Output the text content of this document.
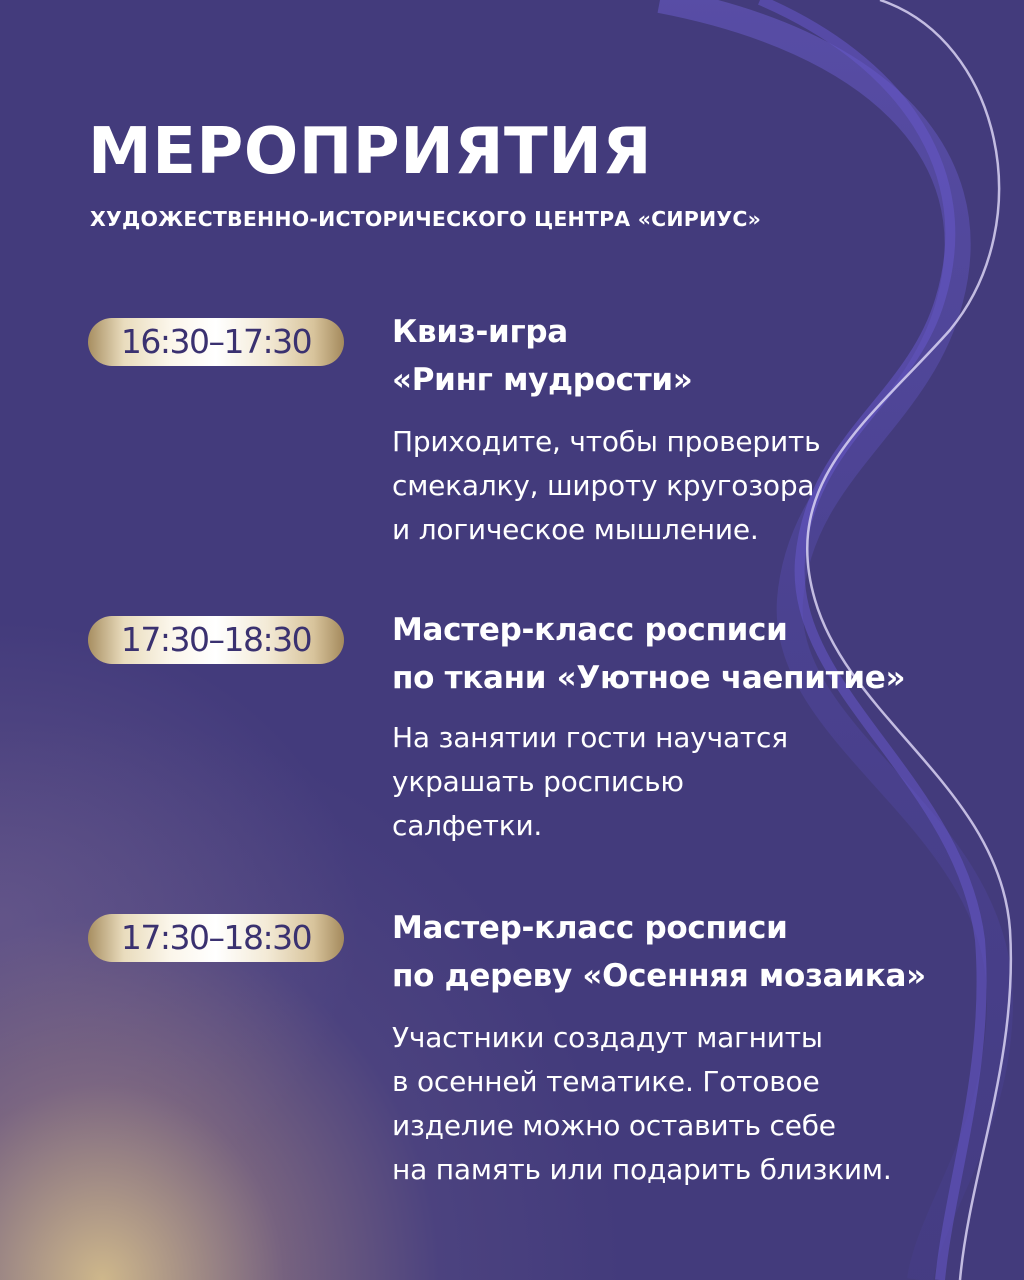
МЕРОПРИЯТИЯ

ХУДОЖЕСТВЕННО-ИСТОРИЧЕСКОГО ЦЕНТРА «СИРИУС»

16:30–17:30	Квиз-игра
«Ринг мудрости»

Приходите, чтобы проверить
смекалку, широту кругозора
и логическое мышление.

17:30–18:30	Мастер-класс росписи
по ткани «Уютное чаепитие»

На занятии гости научатся
украшать росписью
салфетки.

17:30–18:30	Мастер-класс росписи
по дереву «Осенняя мозаика»

Участники создадут магниты
в осенней тематике. Готовое
изделие можно оставить себе
на память или подарить близким.
